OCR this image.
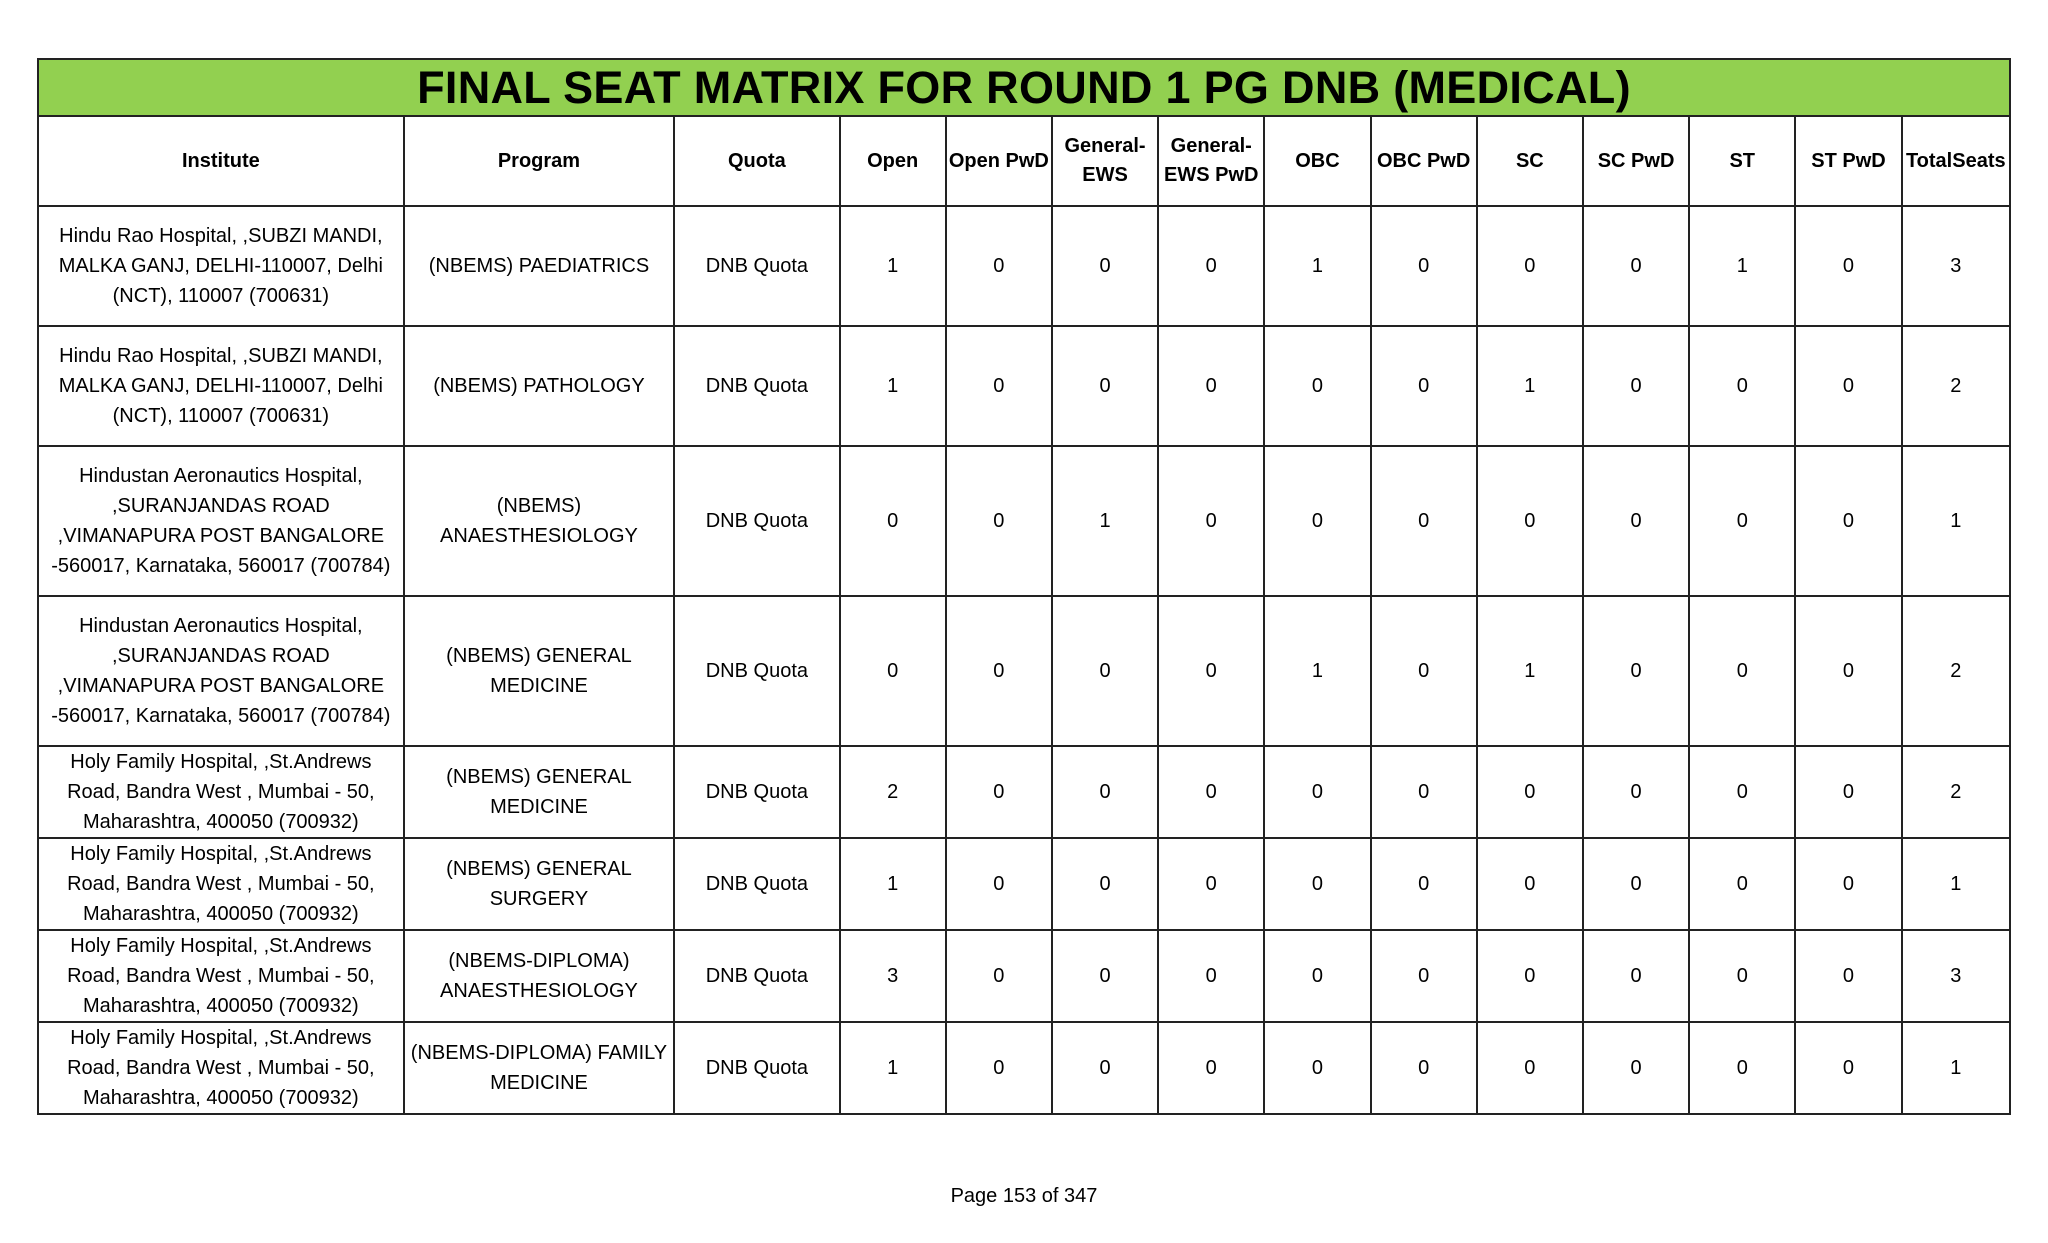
FINAL SEAT MATRIX FOR ROUND 1 PG DNB (MEDICAL)													
Institute	Program	Quota	Open	Open PwD	General-EWS	General-EWS PwD	OBC	OBC PwD	SC	SC PwD	ST	ST PwD	TotalSeats
Hindu Rao Hospital, ,SUBZI MANDI, MALKA GANJ, DELHI-110007, Delhi (NCT), 110007 (700631)	(NBEMS) PAEDIATRICS	DNB Quota	1	0	0	0	1	0	0	0	1	0	3
Hindu Rao Hospital, ,SUBZI MANDI, MALKA GANJ, DELHI-110007, Delhi (NCT), 110007 (700631)	(NBEMS) PATHOLOGY	DNB Quota	1	0	0	0	0	0	1	0	0	0	2
Hindustan Aeronautics Hospital, ,SURANJANDAS ROAD ,VIMANAPURA POST BANGALORE -560017, Karnataka, 560017 (700784)	(NBEMS) ANAESTHESIOLOGY	DNB Quota	0	0	1	0	0	0	0	0	0	0	1
Hindustan Aeronautics Hospital, ,SURANJANDAS ROAD ,VIMANAPURA POST BANGALORE -560017, Karnataka, 560017 (700784)	(NBEMS) GENERAL MEDICINE	DNB Quota	0	0	0	0	1	0	1	0	0	0	2
Holy Family Hospital, ,St.Andrews Road, Bandra West , Mumbai - 50, Maharashtra, 400050 (700932)	(NBEMS) GENERAL MEDICINE	DNB Quota	2	0	0	0	0	0	0	0	0	0	2
Holy Family Hospital, ,St.Andrews Road, Bandra West , Mumbai - 50, Maharashtra, 400050 (700932)	(NBEMS) GENERAL SURGERY	DNB Quota	1	0	0	0	0	0	0	0	0	0	1
Holy Family Hospital, ,St.Andrews Road, Bandra West , Mumbai - 50, Maharashtra, 400050 (700932)	(NBEMS-DIPLOMA) ANAESTHESIOLOGY	DNB Quota	3	0	0	0	0	0	0	0	0	0	3
Holy Family Hospital, ,St.Andrews Road, Bandra West , Mumbai - 50, Maharashtra, 400050 (700932)	(NBEMS-DIPLOMA) FAMILY MEDICINE	DNB Quota	1	0	0	0	0	0	0	0	0	0	1
Page 153 of 347
